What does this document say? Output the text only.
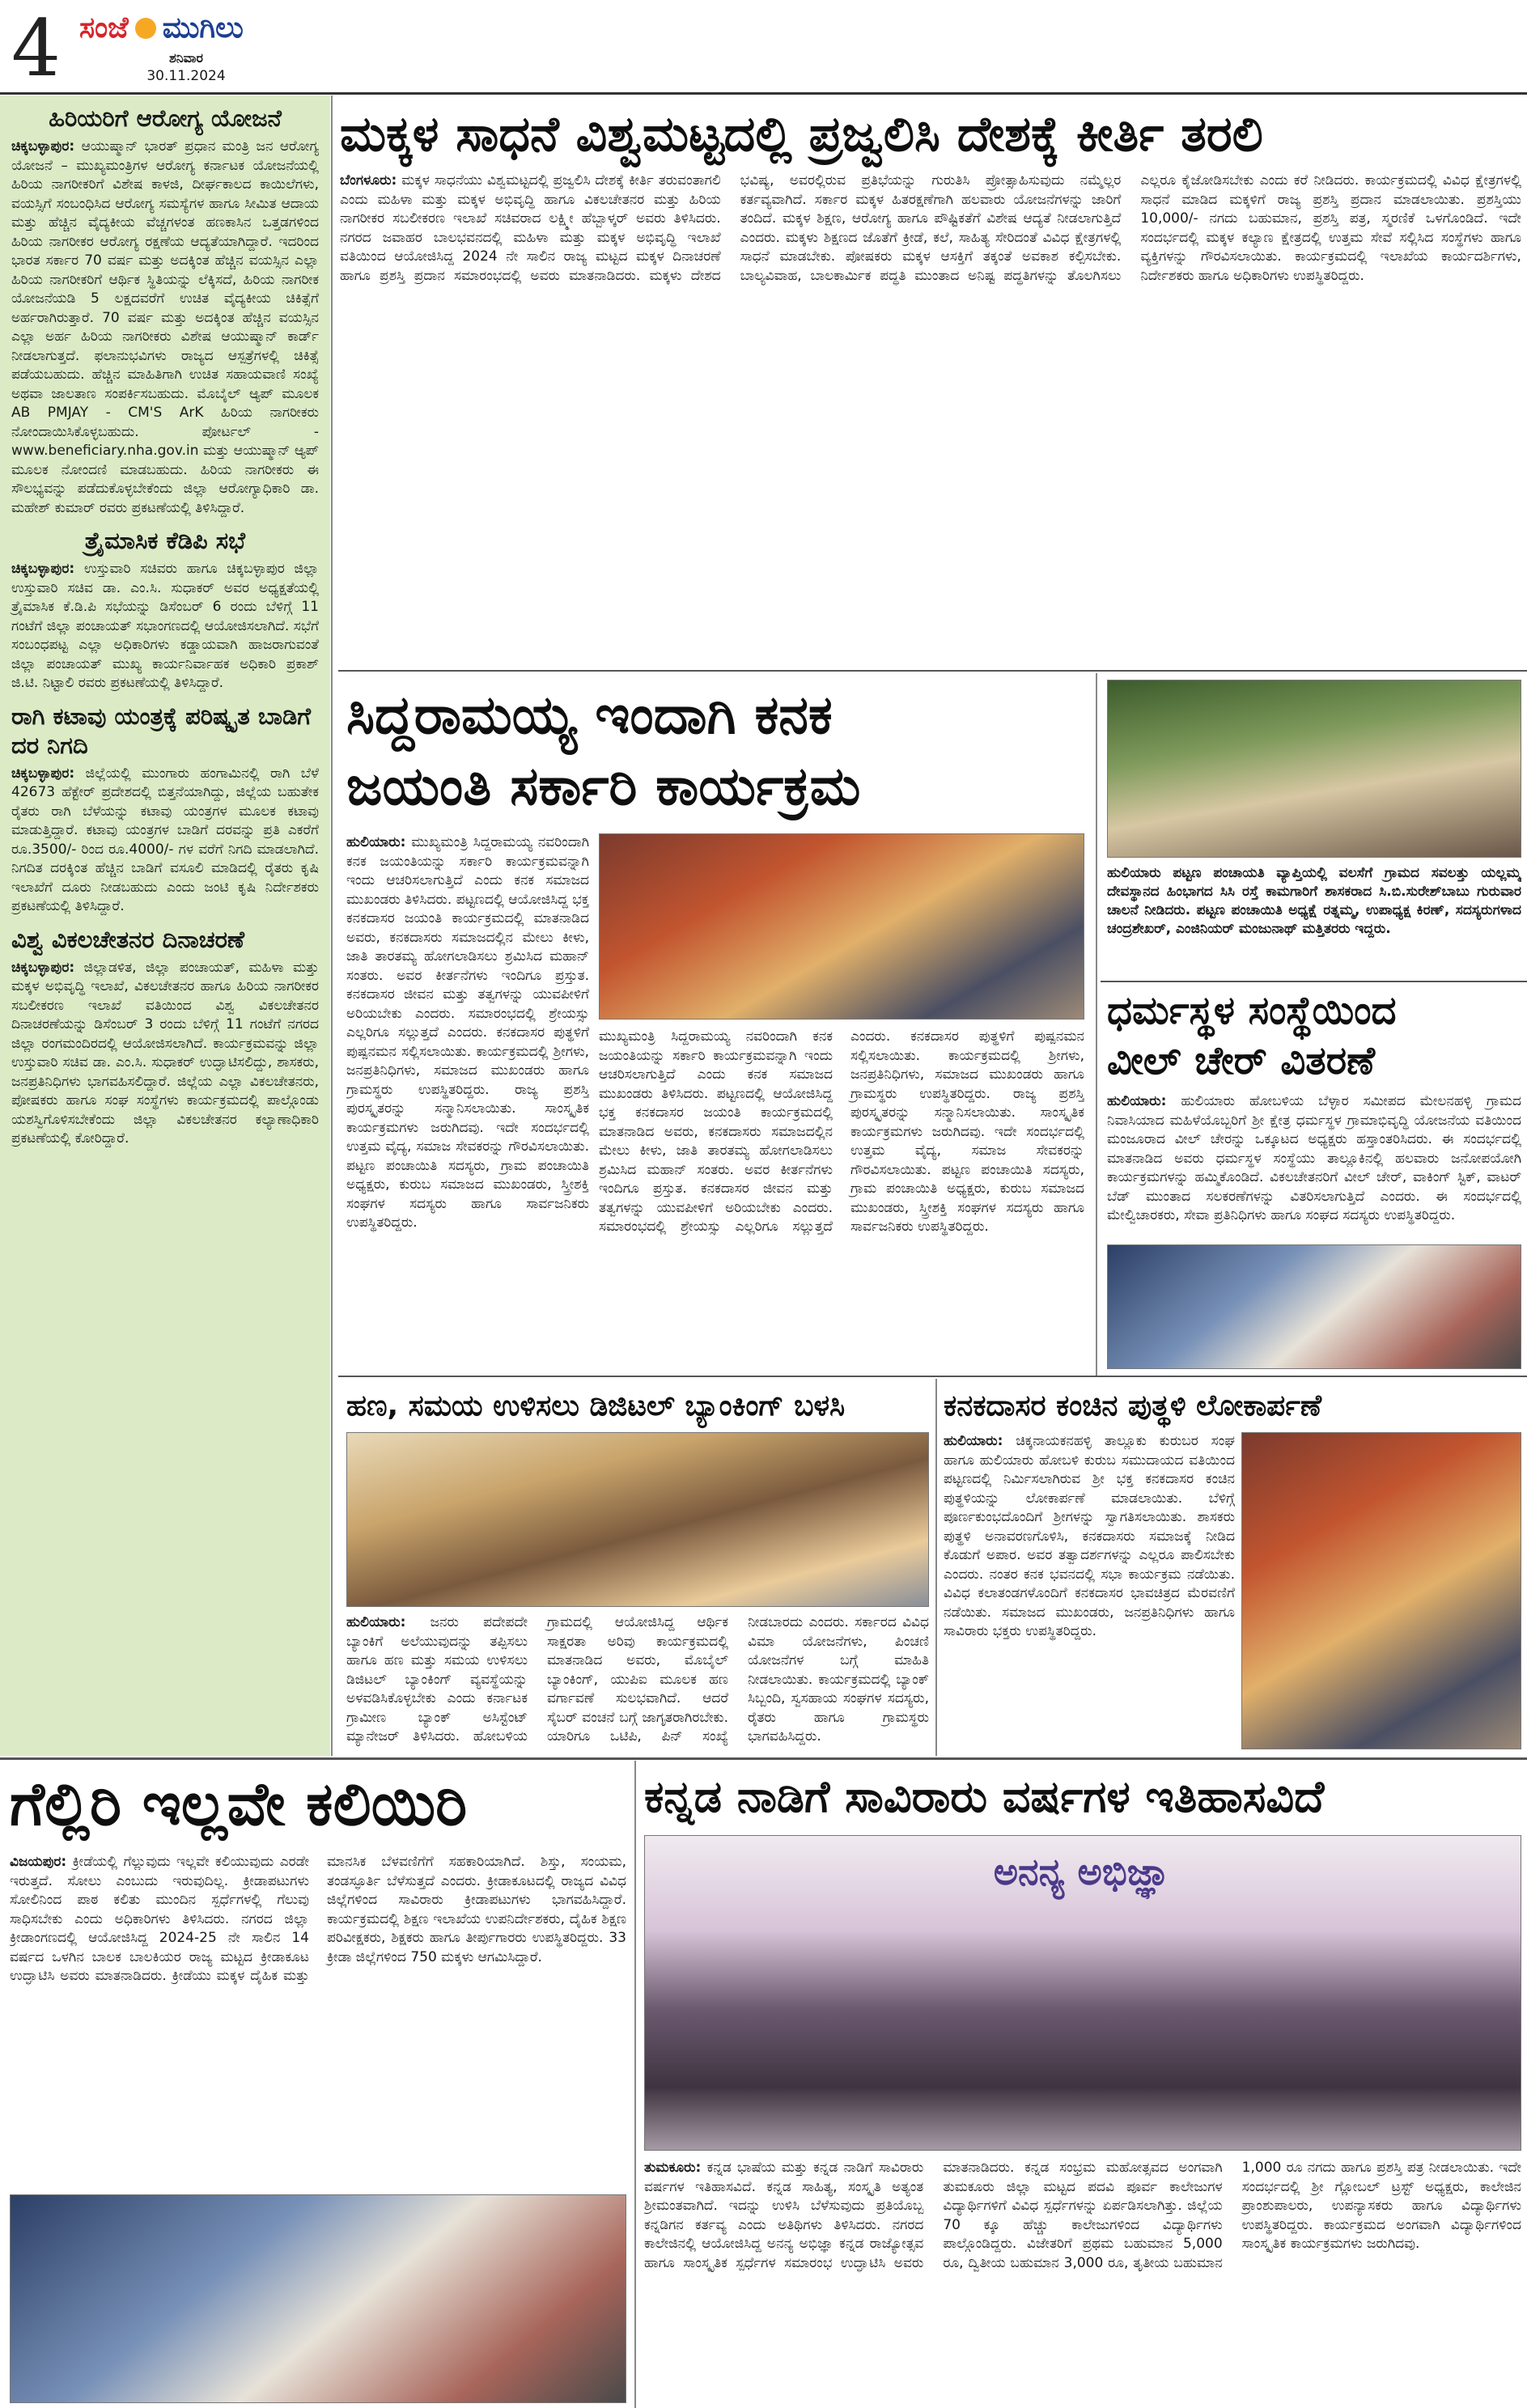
4 ಸಂಜೆ ಮುಗಿಲು
ಶನಿವಾರ
30.11.2024
ಹಿರಿಯರಿಗೆ ಆರೋಗ್ಯ ಯೋಜನೆ

ಚಿಕ್ಕಬಳ್ಳಾಪುರ: ಆಯುಷ್ಮಾನ್ ಭಾರತ್ ಪ್ರಧಾನ ಮಂತ್ರಿ ಜನ ಆರೋಗ್ಯ ಯೋಜನೆ – ಮುಖ್ಯಮಂತ್ರಿಗಳ ಆರೋಗ್ಯ ಕರ್ನಾಟಕ ಯೋಜನೆಯಲ್ಲಿ ಹಿರಿಯ ನಾಗರೀಕರಿಗೆ ವಿಶೇಷ ಕಾಳಜಿ, ದೀರ್ಘಕಾಲದ ಕಾಯಿಲೆಗಳು, ವಯಸ್ಸಿಗೆ ಸಂಬಂಧಿಸಿದ ಆರೋಗ್ಯ ಸಮಸ್ಯೆಗಳ ಹಾಗೂ ಸೀಮಿತ ಆದಾಯ ಮತ್ತು ಹೆಚ್ಚಿನ ವೈದ್ಯಕೀಯ ವೆಚ್ಚಗಳಂತ ಹಣಕಾಸಿನ ಒತ್ತಡಗಳಿಂದ ಹಿರಿಯ ನಾಗರೀಕರ ಆರೋಗ್ಯ ರಕ್ಷಣೆಯ ಆದ್ಯತೆಯಾಗಿದ್ದಾರೆ. ಇದರಿಂದ ಭಾರತ ಸರ್ಕಾರ 70 ವರ್ಷ ಮತ್ತು ಅದಕ್ಕಿಂತ ಹೆಚ್ಚಿನ ವಯಸ್ಸಿನ ಎಲ್ಲಾ ಹಿರಿಯ ನಾಗರೀಕರಿಗೆ ಆರ್ಥಿಕ ಸ್ಥಿತಿಯನ್ನು ಲೆಕ್ಕಿಸದೆ, ಹಿರಿಯ ನಾಗರೀಕ ಯೋಜನೆಯಡಿ 5 ಲಕ್ಷದವರೆಗೆ ಉಚಿತ ವೈದ್ಯಕೀಯ ಚಿಕಿತ್ಸೆಗೆ ಅರ್ಹರಾಗಿರುತ್ತಾರೆ. 70 ವರ್ಷ ಮತ್ತು ಅದಕ್ಕಿಂತ ಹೆಚ್ಚಿನ ವಯಸ್ಸಿನ ಎಲ್ಲಾ ಅರ್ಹ ಹಿರಿಯ ನಾಗರೀಕರು ವಿಶೇಷ ಆಯುಷ್ಮಾನ್ ಕಾರ್ಡ್ ನೀಡಲಾಗುತ್ತದೆ. ಫಲಾನುಭವಿಗಳು ರಾಜ್ಯದ ಆಸ್ಪತ್ರೆಗಳಲ್ಲಿ ಚಿಕಿತ್ಸೆ ಪಡೆಯಬಹುದು. ಹೆಚ್ಚಿನ ಮಾಹಿತಿಗಾಗಿ ಉಚಿತ ಸಹಾಯವಾಣಿ ಸಂಖ್ಯೆ ಅಥವಾ ಜಾಲತಾಣ ಸಂಪರ್ಕಿಸಬಹುದು. ಮೊಬೈಲ್ ಆ್ಯಪ್ ಮೂಲಕ AB PMJAY - CM'S ArK ಹಿರಿಯ ನಾಗರೀಕರು ನೋಂದಾಯಿಸಿಕೊಳ್ಳಬಹುದು. ಪೋರ್ಟಲ್ - www.beneficiary.nha.gov.in ಮತ್ತು ಆಯುಷ್ಮಾನ್ ಆ್ಯಪ್ ಮೂಲಕ ನೋಂದಣಿ ಮಾಡಬಹುದು. ಹಿರಿಯ ನಾಗರೀಕರು ಈ ಸೌಲಭ್ಯವನ್ನು ಪಡೆದುಕೊಳ್ಳಬೇಕೆಂದು ಜಿಲ್ಲಾ ಆರೋಗ್ಯಾಧಿಕಾರಿ ಡಾ. ಮಹೇಶ್ ಕುಮಾರ್ ರವರು ಪ್ರಕಟಣೆಯಲ್ಲಿ ತಿಳಿಸಿದ್ದಾರೆ.

ತ್ರೈಮಾಸಿಕ ಕೆಡಿಪಿ ಸಭೆ

ಚಿಕ್ಕಬಳ್ಳಾಪುರ: ಉಸ್ತುವಾರಿ ಸಚಿವರು ಹಾಗೂ ಚಿಕ್ಕಬಳ್ಳಾಪುರ ಜಿಲ್ಲಾ ಉಸ್ತುವಾರಿ ಸಚಿವ ಡಾ. ಎಂ.ಸಿ. ಸುಧಾಕರ್ ಅವರ ಅಧ್ಯಕ್ಷತೆಯಲ್ಲಿ ತ್ರೈಮಾಸಿಕ ಕೆ.ಡಿ.ಪಿ ಸಭೆಯನ್ನು ಡಿಸೆಂಬರ್ 6 ರಂದು ಬೆಳಿಗ್ಗೆ 11 ಗಂಟೆಗೆ ಜಿಲ್ಲಾ ಪಂಚಾಯತ್ ಸಭಾಂಗಣದಲ್ಲಿ ಆಯೋಜಿಸಲಾಗಿದೆ. ಸಭೆಗೆ ಸಂಬಂಧಪಟ್ಟ ಎಲ್ಲಾ ಅಧಿಕಾರಿಗಳು ಕಡ್ಡಾಯವಾಗಿ ಹಾಜರಾಗುವಂತೆ ಜಿಲ್ಲಾ ಪಂಚಾಯತ್ ಮುಖ್ಯ ಕಾರ್ಯನಿರ್ವಾಹಕ ಅಧಿಕಾರಿ ಪ್ರಕಾಶ್ ಜಿ.ಟಿ. ನಿಟ್ಟಾಲಿ ರವರು ಪ್ರಕಟಣೆಯಲ್ಲಿ ತಿಳಿಸಿದ್ದಾರೆ.

ರಾಗಿ ಕಟಾವು ಯಂತ್ರಕ್ಕೆ ಪರಿಷ್ಕೃತ ಬಾಡಿಗೆ ದರ ನಿಗದಿ

ಚಿಕ್ಕಬಳ್ಳಾಪುರ: ಜಿಲ್ಲೆಯಲ್ಲಿ ಮುಂಗಾರು ಹಂಗಾಮಿನಲ್ಲಿ ರಾಗಿ ಬೆಳೆ 42673 ಹೆಕ್ಟೇರ್ ಪ್ರದೇಶದಲ್ಲಿ ಬಿತ್ತನೆಯಾಗಿದ್ದು, ಜಿಲ್ಲೆಯ ಬಹುತೇಕ ರೈತರು ರಾಗಿ ಬೆಳೆಯನ್ನು ಕಟಾವು ಯಂತ್ರಗಳ ಮೂಲಕ ಕಟಾವು ಮಾಡುತ್ತಿದ್ದಾರೆ. ಕಟಾವು ಯಂತ್ರಗಳ ಬಾಡಿಗೆ ದರವನ್ನು ಪ್ರತಿ ಎಕರೆಗೆ ರೂ.3500/- ರಿಂದ ರೂ.4000/- ಗಳ ವರೆಗೆ ನಿಗದಿ ಮಾಡಲಾಗಿದೆ. ನಿಗದಿತ ದರಕ್ಕಿಂತ ಹೆಚ್ಚಿನ ಬಾಡಿಗೆ ವಸೂಲಿ ಮಾಡಿದಲ್ಲಿ ರೈತರು ಕೃಷಿ ಇಲಾಖೆಗೆ ದೂರು ನೀಡಬಹುದು ಎಂದು ಜಂಟಿ ಕೃಷಿ ನಿರ್ದೇಶಕರು ಪ್ರಕಟಣೆಯಲ್ಲಿ ತಿಳಿಸಿದ್ದಾರೆ.

ವಿಶ್ವ ವಿಕಲಚೇತನರ ದಿನಾಚರಣೆ

ಚಿಕ್ಕಬಳ್ಳಾಪುರ: ಜಿಲ್ಲಾಡಳಿತ, ಜಿಲ್ಲಾ ಪಂಚಾಯತ್, ಮಹಿಳಾ ಮತ್ತು ಮಕ್ಕಳ ಅಭಿವೃದ್ಧಿ ಇಲಾಖೆ, ವಿಕಲಚೇತನರ ಹಾಗೂ ಹಿರಿಯ ನಾಗರೀಕರ ಸಬಲೀಕರಣ ಇಲಾಖೆ ವತಿಯಿಂದ ವಿಶ್ವ ವಿಕಲಚೇತನರ ದಿನಾಚರಣೆಯನ್ನು ಡಿಸೆಂಬರ್ 3 ರಂದು ಬೆಳಿಗ್ಗೆ 11 ಗಂಟೆಗೆ ನಗರದ ಜಿಲ್ಲಾ ರಂಗಮಂದಿರದಲ್ಲಿ ಆಯೋಜಿಸಲಾಗಿದೆ. ಕಾರ್ಯಕ್ರಮವನ್ನು ಜಿಲ್ಲಾ ಉಸ್ತುವಾರಿ ಸಚಿವ ಡಾ. ಎಂ.ಸಿ. ಸುಧಾಕರ್ ಉದ್ಘಾಟಿಸಲಿದ್ದು, ಶಾಸಕರು, ಜನಪ್ರತಿನಿಧಿಗಳು ಭಾಗವಹಿಸಲಿದ್ದಾರೆ. ಜಿಲ್ಲೆಯ ಎಲ್ಲಾ ವಿಕಲಚೇತನರು, ಪೋಷಕರು ಹಾಗೂ ಸಂಘ ಸಂಸ್ಥೆಗಳು ಕಾರ್ಯಕ್ರಮದಲ್ಲಿ ಪಾಲ್ಗೊಂಡು ಯಶಸ್ವಿಗೊಳಿಸಬೇಕೆಂದು ಜಿಲ್ಲಾ ವಿಕಲಚೇತನರ ಕಲ್ಯಾಣಾಧಿಕಾರಿ ಪ್ರಕಟಣೆಯಲ್ಲಿ ಕೋರಿದ್ದಾರೆ.

ಮಕ್ಕಳ ಸಾಧನೆ ವಿಶ್ವಮಟ್ಟದಲ್ಲಿ ಪ್ರಜ್ವಲಿಸಿ ದೇಶಕ್ಕೆ ಕೀರ್ತಿ ತರಲಿ
ಬೆಂಗಳೂರು: ಮಕ್ಕಳ ಸಾಧನೆಯು ವಿಶ್ವಮಟ್ಟದಲ್ಲಿ ಪ್ರಜ್ವಲಿಸಿ ದೇಶಕ್ಕೆ ಕೀರ್ತಿ ತರುವಂತಾಗಲಿ ಎಂದು ಮಹಿಳಾ ಮತ್ತು ಮಕ್ಕಳ ಅಭಿವೃದ್ಧಿ ಹಾಗೂ ವಿಕಲಚೇತನರ ಮತ್ತು ಹಿರಿಯ ನಾಗರೀಕರ ಸಬಲೀಕರಣ ಇಲಾಖೆ ಸಚಿವರಾದ ಲಕ್ಷ್ಮೀ ಹೆಬ್ಬಾಳ್ಕರ್ ಅವರು ತಿಳಿಸಿದರು. ನಗರದ ಜವಾಹರ ಬಾಲಭವನದಲ್ಲಿ ಮಹಿಳಾ ಮತ್ತು ಮಕ್ಕಳ ಅಭಿವೃದ್ಧಿ ಇಲಾಖೆ ವತಿಯಿಂದ ಆಯೋಜಿಸಿದ್ದ 2024 ನೇ ಸಾಲಿನ ರಾಜ್ಯ ಮಟ್ಟದ ಮಕ್ಕಳ ದಿನಾಚರಣೆ ಹಾಗೂ ಪ್ರಶಸ್ತಿ ಪ್ರದಾನ ಸಮಾರಂಭದಲ್ಲಿ ಅವರು ಮಾತನಾಡಿದರು. ಮಕ್ಕಳು ದೇಶದ ಭವಿಷ್ಯ, ಅವರಲ್ಲಿರುವ ಪ್ರತಿಭೆಯನ್ನು ಗುರುತಿಸಿ ಪ್ರೋತ್ಸಾಹಿಸುವುದು ನಮ್ಮೆಲ್ಲರ ಕರ್ತವ್ಯವಾಗಿದೆ. ಸರ್ಕಾರ ಮಕ್ಕಳ ಹಿತರಕ್ಷಣೆಗಾಗಿ ಹಲವಾರು ಯೋಜನೆಗಳನ್ನು ಜಾರಿಗೆ ತಂದಿದೆ. ಮಕ್ಕಳ ಶಿಕ್ಷಣ, ಆರೋಗ್ಯ ಹಾಗೂ ಪೌಷ್ಟಿಕತೆಗೆ ವಿಶೇಷ ಆದ್ಯತೆ ನೀಡಲಾಗುತ್ತಿದೆ ಎಂದರು. ಮಕ್ಕಳು ಶಿಕ್ಷಣದ ಜೊತೆಗೆ ಕ್ರೀಡೆ, ಕಲೆ, ಸಾಹಿತ್ಯ ಸೇರಿದಂತೆ ವಿವಿಧ ಕ್ಷೇತ್ರಗಳಲ್ಲಿ ಸಾಧನೆ ಮಾಡಬೇಕು. ಪೋಷಕರು ಮಕ್ಕಳ ಆಸಕ್ತಿಗೆ ತಕ್ಕಂತೆ ಅವಕಾಶ ಕಲ್ಪಿಸಬೇಕು. ಬಾಲ್ಯವಿವಾಹ, ಬಾಲಕಾರ್ಮಿಕ ಪದ್ಧತಿ ಮುಂತಾದ ಅನಿಷ್ಟ ಪದ್ಧತಿಗಳನ್ನು ತೊಲಗಿಸಲು ಎಲ್ಲರೂ ಕೈಜೋಡಿಸಬೇಕು ಎಂದು ಕರೆ ನೀಡಿದರು. ಕಾರ್ಯಕ್ರಮದಲ್ಲಿ ವಿವಿಧ ಕ್ಷೇತ್ರಗಳಲ್ಲಿ ಸಾಧನೆ ಮಾಡಿದ ಮಕ್ಕಳಿಗೆ ರಾಜ್ಯ ಪ್ರಶಸ್ತಿ ಪ್ರದಾನ ಮಾಡಲಾಯಿತು. ಪ್ರಶಸ್ತಿಯು 10,000/- ನಗದು ಬಹುಮಾನ, ಪ್ರಶಸ್ತಿ ಪತ್ರ, ಸ್ಮರಣಿಕೆ ಒಳಗೊಂಡಿದೆ. ಇದೇ ಸಂದರ್ಭದಲ್ಲಿ ಮಕ್ಕಳ ಕಲ್ಯಾಣ ಕ್ಷೇತ್ರದಲ್ಲಿ ಉತ್ತಮ ಸೇವೆ ಸಲ್ಲಿಸಿದ ಸಂಸ್ಥೆಗಳು ಹಾಗೂ ವ್ಯಕ್ತಿಗಳನ್ನು ಗೌರವಿಸಲಾಯಿತು. ಕಾರ್ಯಕ್ರಮದಲ್ಲಿ ಇಲಾಖೆಯ ಕಾರ್ಯದರ್ಶಿಗಳು, ನಿರ್ದೇಶಕರು ಹಾಗೂ ಅಧಿಕಾರಿಗಳು ಉಪಸ್ಥಿತರಿದ್ದರು.
ಸಿದ್ದರಾಮಯ್ಯ ಇಂದಾಗಿ ಕನಕ
ಜಯಂತಿ ಸರ್ಕಾರಿ ಕಾರ್ಯಕ್ರಮ
ಹುಲಿಯಾರು: ಮುಖ್ಯಮಂತ್ರಿ ಸಿದ್ದರಾಮಯ್ಯ ನವರಿಂದಾಗಿ ಕನಕ ಜಯಂತಿಯನ್ನು ಸರ್ಕಾರಿ ಕಾರ್ಯಕ್ರಮವನ್ನಾಗಿ ಇಂದು ಆಚರಿಸಲಾಗುತ್ತಿದೆ ಎಂದು ಕನಕ ಸಮಾಜದ ಮುಖಂಡರು ತಿಳಿಸಿದರು. ಪಟ್ಟಣದಲ್ಲಿ ಆಯೋಜಿಸಿದ್ದ ಭಕ್ತ ಕನಕದಾಸರ ಜಯಂತಿ ಕಾರ್ಯಕ್ರಮದಲ್ಲಿ ಮಾತನಾಡಿದ ಅವರು, ಕನಕದಾಸರು ಸಮಾಜದಲ್ಲಿನ ಮೇಲು ಕೀಳು, ಜಾತಿ ತಾರತಮ್ಯ ಹೋಗಲಾಡಿಸಲು ಶ್ರಮಿಸಿದ ಮಹಾನ್ ಸಂತರು. ಅವರ ಕೀರ್ತನೆಗಳು ಇಂದಿಗೂ ಪ್ರಸ್ತುತ. ಕನಕದಾಸರ ಜೀವನ ಮತ್ತು ತತ್ವಗಳನ್ನು ಯುವಪೀಳಿಗೆ ಅರಿಯಬೇಕು ಎಂದರು. ಸಮಾರಂಭದಲ್ಲಿ ಶ್ರೇಯಸ್ಸು ಎಲ್ಲರಿಗೂ ಸಲ್ಲುತ್ತದೆ ಎಂದರು. ಕನಕದಾಸರ ಪುತ್ಥಳಿಗೆ ಪುಷ್ಪನಮನ ಸಲ್ಲಿಸಲಾಯಿತು. ಕಾರ್ಯಕ್ರಮದಲ್ಲಿ ಶ್ರೀಗಳು, ಜನಪ್ರತಿನಿಧಿಗಳು, ಸಮಾಜದ ಮುಖಂಡರು ಹಾಗೂ ಗ್ರಾಮಸ್ಥರು ಉಪಸ್ಥಿತರಿದ್ದರು. ರಾಜ್ಯ ಪ್ರಶಸ್ತಿ ಪುರಸ್ಕೃತರನ್ನು ಸನ್ಮಾನಿಸಲಾಯಿತು. ಸಾಂಸ್ಕೃತಿಕ ಕಾರ್ಯಕ್ರಮಗಳು ಜರುಗಿದವು. ಇದೇ ಸಂದರ್ಭದಲ್ಲಿ ಉತ್ತಮ ವೈದ್ಯ, ಸಮಾಜ ಸೇವಕರನ್ನು ಗೌರವಿಸಲಾಯಿತು. ಪಟ್ಟಣ ಪಂಚಾಯಿತಿ ಸದಸ್ಯರು, ಗ್ರಾಮ ಪಂಚಾಯಿತಿ ಅಧ್ಯಕ್ಷರು, ಕುರುಬ ಸಮಾಜದ ಮುಖಂಡರು, ಸ್ತ್ರೀಶಕ್ತಿ ಸಂಘಗಳ ಸದಸ್ಯರು ಹಾಗೂ ಸಾರ್ವಜನಿಕರು ಉಪಸ್ಥಿತರಿದ್ದರು.
ಮುಖ್ಯಮಂತ್ರಿ ಸಿದ್ದರಾಮಯ್ಯ ನವರಿಂದಾಗಿ ಕನಕ ಜಯಂತಿಯನ್ನು ಸರ್ಕಾರಿ ಕಾರ್ಯಕ್ರಮವನ್ನಾಗಿ ಇಂದು ಆಚರಿಸಲಾಗುತ್ತಿದೆ ಎಂದು ಕನಕ ಸಮಾಜದ ಮುಖಂಡರು ತಿಳಿಸಿದರು. ಪಟ್ಟಣದಲ್ಲಿ ಆಯೋಜಿಸಿದ್ದ ಭಕ್ತ ಕನಕದಾಸರ ಜಯಂತಿ ಕಾರ್ಯಕ್ರಮದಲ್ಲಿ ಮಾತನಾಡಿದ ಅವರು, ಕನಕದಾಸರು ಸಮಾಜದಲ್ಲಿನ ಮೇಲು ಕೀಳು, ಜಾತಿ ತಾರತಮ್ಯ ಹೋಗಲಾಡಿಸಲು ಶ್ರಮಿಸಿದ ಮಹಾನ್ ಸಂತರು. ಅವರ ಕೀರ್ತನೆಗಳು ಇಂದಿಗೂ ಪ್ರಸ್ತುತ. ಕನಕದಾಸರ ಜೀವನ ಮತ್ತು ತತ್ವಗಳನ್ನು ಯುವಪೀಳಿಗೆ ಅರಿಯಬೇಕು ಎಂದರು. ಸಮಾರಂಭದಲ್ಲಿ ಶ್ರೇಯಸ್ಸು ಎಲ್ಲರಿಗೂ ಸಲ್ಲುತ್ತದೆ ಎಂದರು. ಕನಕದಾಸರ ಪುತ್ಥಳಿಗೆ ಪುಷ್ಪನಮನ ಸಲ್ಲಿಸಲಾಯಿತು. ಕಾರ್ಯಕ್ರಮದಲ್ಲಿ ಶ್ರೀಗಳು, ಜನಪ್ರತಿನಿಧಿಗಳು, ಸಮಾಜದ ಮುಖಂಡರು ಹಾಗೂ ಗ್ರಾಮಸ್ಥರು ಉಪಸ್ಥಿತರಿದ್ದರು. ರಾಜ್ಯ ಪ್ರಶಸ್ತಿ ಪುರಸ್ಕೃತರನ್ನು ಸನ್ಮಾನಿಸಲಾಯಿತು. ಸಾಂಸ್ಕೃತಿಕ ಕಾರ್ಯಕ್ರಮಗಳು ಜರುಗಿದವು. ಇದೇ ಸಂದರ್ಭದಲ್ಲಿ ಉತ್ತಮ ವೈದ್ಯ, ಸಮಾಜ ಸೇವಕರನ್ನು ಗೌರವಿಸಲಾಯಿತು. ಪಟ್ಟಣ ಪಂಚಾಯಿತಿ ಸದಸ್ಯರು, ಗ್ರಾಮ ಪಂಚಾಯಿತಿ ಅಧ್ಯಕ್ಷರು, ಕುರುಬ ಸಮಾಜದ ಮುಖಂಡರು, ಸ್ತ್ರೀಶಕ್ತಿ ಸಂಘಗಳ ಸದಸ್ಯರು ಹಾಗೂ ಸಾರ್ವಜನಿಕರು ಉಪಸ್ಥಿತರಿದ್ದರು.
ಹುಲಿಯಾರು ಪಟ್ಟಣ ಪಂಚಾಯತಿ ವ್ಯಾಪ್ತಿಯಲ್ಲಿ ವಲಸೆಗೆ ಗ್ರಾಮದ ಸವಲತ್ತು ಯಲ್ಲಮ್ಮ ದೇವಸ್ಥಾನದ ಹಿಂಭಾಗದ ಸಿಸಿ ರಸ್ತೆ ಕಾಮಗಾರಿಗೆ ಶಾಸಕರಾದ ಸಿ.ಬಿ.ಸುರೇಶ್‌ಬಾಬು ಗುರುವಾರ ಚಾಲನೆ ನೀಡಿದರು. ಪಟ್ಟಣ ಪಂಚಾಯಿತಿ ಅಧ್ಯಕ್ಷೆ ರತ್ನಮ್ಮ, ಉಪಾಧ್ಯಕ್ಷ ಕಿರಣ್, ಸದಸ್ಯರುಗಳಾದ ಚಂದ್ರಶೇಖರ್, ಎಂಜಿನಿಯರ್ ಮಂಜುನಾಥ್ ಮತ್ತಿತರರು ಇದ್ದರು.
ಧರ್ಮಸ್ಥಳ ಸಂಸ್ಥೆಯಿಂದ
ವೀಲ್ ಚೇರ್ ವಿತರಣೆ
ಹುಲಿಯಾರು: ಹುಲಿಯಾರು ಹೋಬಳಿಯ ಬೆಳ್ಳಾರ ಸಮೀಪದ ಮೇಲನಹಳ್ಳಿ ಗ್ರಾಮದ ನಿವಾಸಿಯಾದ ಮಹಿಳೆಯೊಬ್ಬರಿಗೆ ಶ್ರೀ ಕ್ಷೇತ್ರ ಧರ್ಮಸ್ಥಳ ಗ್ರಾಮಾಭಿವೃದ್ಧಿ ಯೋಜನೆಯ ವತಿಯಿಂದ ಮಂಜೂರಾದ ವೀಲ್ ಚೇರನ್ನು ಒಕ್ಕೂಟದ ಅಧ್ಯಕ್ಷರು ಹಸ್ತಾಂತರಿಸಿದರು. ಈ ಸಂದರ್ಭದಲ್ಲಿ ಮಾತನಾಡಿದ ಅವರು ಧರ್ಮಸ್ಥಳ ಸಂಸ್ಥೆಯು ತಾಲ್ಲೂಕಿನಲ್ಲಿ ಹಲವಾರು ಜನೋಪಯೋಗಿ ಕಾರ್ಯಕ್ರಮಗಳನ್ನು ಹಮ್ಮಿಕೊಂಡಿದೆ. ವಿಕಲಚೇತನರಿಗೆ ವೀಲ್ ಚೇರ್, ವಾಕಿಂಗ್ ಸ್ಟಿಕ್, ವಾಟರ್ ಬೆಡ್ ಮುಂತಾದ ಸಲಕರಣೆಗಳನ್ನು ವಿತರಿಸಲಾಗುತ್ತಿದೆ ಎಂದರು. ಈ ಸಂದರ್ಭದಲ್ಲಿ ಮೇಲ್ವಿಚಾರಕರು, ಸೇವಾ ಪ್ರತಿನಿಧಿಗಳು ಹಾಗೂ ಸಂಘದ ಸದಸ್ಯರು ಉಪಸ್ಥಿತರಿದ್ದರು.
ಹಣ, ಸಮಯ ಉಳಿಸಲು ಡಿಜಿಟಲ್ ಬ್ಯಾಂಕಿಂಗ್ ಬಳಸಿ
ಹುಲಿಯಾರು: ಜನರು ಪದೇಪದೇ ಬ್ಯಾಂಕಿಗೆ ಅಲೆಯುವುದನ್ನು ತಪ್ಪಿಸಲು ಹಾಗೂ ಹಣ ಮತ್ತು ಸಮಯ ಉಳಿಸಲು ಡಿಜಿಟಲ್ ಬ್ಯಾಂಕಿಂಗ್ ವ್ಯವಸ್ಥೆಯನ್ನು ಅಳವಡಿಸಿಕೊಳ್ಳಬೇಕು ಎಂದು ಕರ್ನಾಟಕ ಗ್ರಾಮೀಣ ಬ್ಯಾಂಕ್ ಅಸಿಸ್ಟೆಂಟ್ ಮ್ಯಾನೇಜರ್ ತಿಳಿಸಿದರು. ಹೋಬಳಿಯ ಗ್ರಾಮದಲ್ಲಿ ಆಯೋಜಿಸಿದ್ದ ಆರ್ಥಿಕ ಸಾಕ್ಷರತಾ ಅರಿವು ಕಾರ್ಯಕ್ರಮದಲ್ಲಿ ಮಾತನಾಡಿದ ಅವರು, ಮೊಬೈಲ್ ಬ್ಯಾಂಕಿಂಗ್, ಯುಪಿಐ ಮೂಲಕ ಹಣ ವರ್ಗಾವಣೆ ಸುಲಭವಾಗಿದೆ. ಆದರೆ ಸೈಬರ್ ವಂಚನೆ ಬಗ್ಗೆ ಜಾಗೃತರಾಗಿರಬೇಕು. ಯಾರಿಗೂ ಒಟಿಪಿ, ಪಿನ್ ಸಂಖ್ಯೆ ನೀಡಬಾರದು ಎಂದರು. ಸರ್ಕಾರದ ವಿವಿಧ ವಿಮಾ ಯೋಜನೆಗಳು, ಪಿಂಚಣಿ ಯೋಜನೆಗಳ ಬಗ್ಗೆ ಮಾಹಿತಿ ನೀಡಲಾಯಿತು. ಕಾರ್ಯಕ್ರಮದಲ್ಲಿ ಬ್ಯಾಂಕ್ ಸಿಬ್ಬಂದಿ, ಸ್ವಸಹಾಯ ಸಂಘಗಳ ಸದಸ್ಯರು, ರೈತರು ಹಾಗೂ ಗ್ರಾಮಸ್ಥರು ಭಾಗವಹಿಸಿದ್ದರು.
ಕನಕದಾಸರ ಕಂಚಿನ ಪುತ್ಥಳಿ ಲೋಕಾರ್ಪಣೆ
ಹುಲಿಯಾರು: ಚಿಕ್ಕನಾಯಕನಹಳ್ಳಿ ತಾಲ್ಲೂಕು ಕುರುಬರ ಸಂಘ ಹಾಗೂ ಹುಲಿಯಾರು ಹೋಬಳಿ ಕುರುಬ ಸಮುದಾಯದ ವತಿಯಿಂದ ಪಟ್ಟಣದಲ್ಲಿ ನಿರ್ಮಿಸಲಾಗಿರುವ ಶ್ರೀ ಭಕ್ತ ಕನಕದಾಸರ ಕಂಚಿನ ಪುತ್ಥಳಿಯನ್ನು ಲೋಕಾರ್ಪಣೆ ಮಾಡಲಾಯಿತು. ಬೆಳಿಗ್ಗೆ ಪೂರ್ಣಕುಂಭದೊಂದಿಗೆ ಶ್ರೀಗಳನ್ನು ಸ್ವಾಗತಿಸಲಾಯಿತು. ಶಾಸಕರು ಪುತ್ಥಳಿ ಅನಾವರಣಗೊಳಿಸಿ, ಕನಕದಾಸರು ಸಮಾಜಕ್ಕೆ ನೀಡಿದ ಕೊಡುಗೆ ಅಪಾರ. ಅವರ ತತ್ವಾದರ್ಶಗಳನ್ನು ಎಲ್ಲರೂ ಪಾಲಿಸಬೇಕು ಎಂದರು. ನಂತರ ಕನಕ ಭವನದಲ್ಲಿ ಸಭಾ ಕಾರ್ಯಕ್ರಮ ನಡೆಯಿತು. ವಿವಿಧ ಕಲಾತಂಡಗಳೊಂದಿಗೆ ಕನಕದಾಸರ ಭಾವಚಿತ್ರದ ಮೆರವಣಿಗೆ ನಡೆಯಿತು. ಸಮಾಜದ ಮುಖಂಡರು, ಜನಪ್ರತಿನಿಧಿಗಳು ಹಾಗೂ ಸಾವಿರಾರು ಭಕ್ತರು ಉಪಸ್ಥಿತರಿದ್ದರು.
ಗೆಲ್ಲಿರಿ ಇಲ್ಲವೇ ಕಲಿಯಿರಿ
ವಿಜಯಪುರ: ಕ್ರೀಡೆಯಲ್ಲಿ ಗೆಲ್ಲುವುದು ಇಲ್ಲವೇ ಕಲಿಯುವುದು ಎರಡೇ ಇರುತ್ತದೆ. ಸೋಲು ಎಂಬುದು ಇರುವುದಿಲ್ಲ. ಕ್ರೀಡಾಪಟುಗಳು ಸೋಲಿನಿಂದ ಪಾಠ ಕಲಿತು ಮುಂದಿನ ಸ್ಪರ್ಧೆಗಳಲ್ಲಿ ಗೆಲುವು ಸಾಧಿಸಬೇಕು ಎಂದು ಅಧಿಕಾರಿಗಳು ತಿಳಿಸಿದರು. ನಗರದ ಜಿಲ್ಲಾ ಕ್ರೀಡಾಂಗಣದಲ್ಲಿ ಆಯೋಜಿಸಿದ್ದ 2024-25 ನೇ ಸಾಲಿನ 14 ವರ್ಷದ ಒಳಗಿನ ಬಾಲಕ ಬಾಲಕಿಯರ ರಾಜ್ಯ ಮಟ್ಟದ ಕ್ರೀಡಾಕೂಟ ಉದ್ಘಾಟಿಸಿ ಅವರು ಮಾತನಾಡಿದರು. ಕ್ರೀಡೆಯು ಮಕ್ಕಳ ದೈಹಿಕ ಮತ್ತು ಮಾನಸಿಕ ಬೆಳವಣಿಗೆಗೆ ಸಹಕಾರಿಯಾಗಿದೆ. ಶಿಸ್ತು, ಸಂಯಮ, ತಂಡಸ್ಫೂರ್ತಿ ಬೆಳೆಸುತ್ತದೆ ಎಂದರು. ಕ್ರೀಡಾಕೂಟದಲ್ಲಿ ರಾಜ್ಯದ ವಿವಿಧ ಜಿಲ್ಲೆಗಳಿಂದ ಸಾವಿರಾರು ಕ್ರೀಡಾಪಟುಗಳು ಭಾಗವಹಿಸಿದ್ದಾರೆ. ಕಾರ್ಯಕ್ರಮದಲ್ಲಿ ಶಿಕ್ಷಣ ಇಲಾಖೆಯ ಉಪನಿರ್ದೇಶಕರು, ದೈಹಿಕ ಶಿಕ್ಷಣ ಪರಿವೀಕ್ಷಕರು, ಶಿಕ್ಷಕರು ಹಾಗೂ ತೀರ್ಪುಗಾರರು ಉಪಸ್ಥಿತರಿದ್ದರು. 33 ಕ್ರೀಡಾ ಜಿಲ್ಲೆಗಳಿಂದ 750 ಮಕ್ಕಳು ಆಗಮಿಸಿದ್ದಾರೆ.
ಕನ್ನಡ ನಾಡಿಗೆ ಸಾವಿರಾರು ವರ್ಷಗಳ ಇತಿಹಾಸವಿದೆ
ಅನನ್ಯ ಅಭಿಜ್ಞಾ
ತುಮಕೂರು: ಕನ್ನಡ ಭಾಷೆಯ ಮತ್ತು ಕನ್ನಡ ನಾಡಿಗೆ ಸಾವಿರಾರು ವರ್ಷಗಳ ಇತಿಹಾಸವಿದೆ. ಕನ್ನಡ ಸಾಹಿತ್ಯ, ಸಂಸ್ಕೃತಿ ಅತ್ಯಂತ ಶ್ರೀಮಂತವಾಗಿದೆ. ಇದನ್ನು ಉಳಿಸಿ ಬೆಳೆಸುವುದು ಪ್ರತಿಯೊಬ್ಬ ಕನ್ನಡಿಗನ ಕರ್ತವ್ಯ ಎಂದು ಅತಿಥಿಗಳು ತಿಳಿಸಿದರು. ನಗರದ ಕಾಲೇಜಿನಲ್ಲಿ ಆಯೋಜಿಸಿದ್ದ ಅನನ್ಯ ಅಭಿಜ್ಞಾ ಕನ್ನಡ ರಾಜ್ಯೋತ್ಸವ ಹಾಗೂ ಸಾಂಸ್ಕೃತಿಕ ಸ್ಪರ್ಧೆಗಳ ಸಮಾರಂಭ ಉದ್ಘಾಟಿಸಿ ಅವರು ಮಾತನಾಡಿದರು. ಕನ್ನಡ ಸಂಭ್ರಮ ಮಹೋತ್ಸವದ ಅಂಗವಾಗಿ ತುಮಕೂರು ಜಿಲ್ಲಾ ಮಟ್ಟದ ಪದವಿ ಪೂರ್ವ ಕಾಲೇಜುಗಳ ವಿದ್ಯಾರ್ಥಿಗಳಿಗೆ ವಿವಿಧ ಸ್ಪರ್ಧೆಗಳನ್ನು ಏರ್ಪಡಿಸಲಾಗಿತ್ತು. ಜಿಲ್ಲೆಯ 70 ಕ್ಕೂ ಹೆಚ್ಚು ಕಾಲೇಜುಗಳಿಂದ ವಿದ್ಯಾರ್ಥಿಗಳು ಪಾಲ್ಗೊಂಡಿದ್ದರು. ವಿಜೇತರಿಗೆ ಪ್ರಥಮ ಬಹುಮಾನ 5,000 ರೂ, ದ್ವಿತೀಯ ಬಹುಮಾನ 3,000 ರೂ, ತೃತೀಯ ಬಹುಮಾನ 1,000 ರೂ ನಗದು ಹಾಗೂ ಪ್ರಶಸ್ತಿ ಪತ್ರ ನೀಡಲಾಯಿತು. ಇದೇ ಸಂದರ್ಭದಲ್ಲಿ ಶ್ರೀ ಗ್ಲೋಬಲ್ ಟ್ರಸ್ಟ್ ಅಧ್ಯಕ್ಷರು, ಕಾಲೇಜಿನ ಪ್ರಾಂಶುಪಾಲರು, ಉಪನ್ಯಾಸಕರು ಹಾಗೂ ವಿದ್ಯಾರ್ಥಿಗಳು ಉಪಸ್ಥಿತರಿದ್ದರು. ಕಾರ್ಯಕ್ರಮದ ಅಂಗವಾಗಿ ವಿದ್ಯಾರ್ಥಿಗಳಿಂದ ಸಾಂಸ್ಕೃತಿಕ ಕಾರ್ಯಕ್ರಮಗಳು ಜರುಗಿದವು.
